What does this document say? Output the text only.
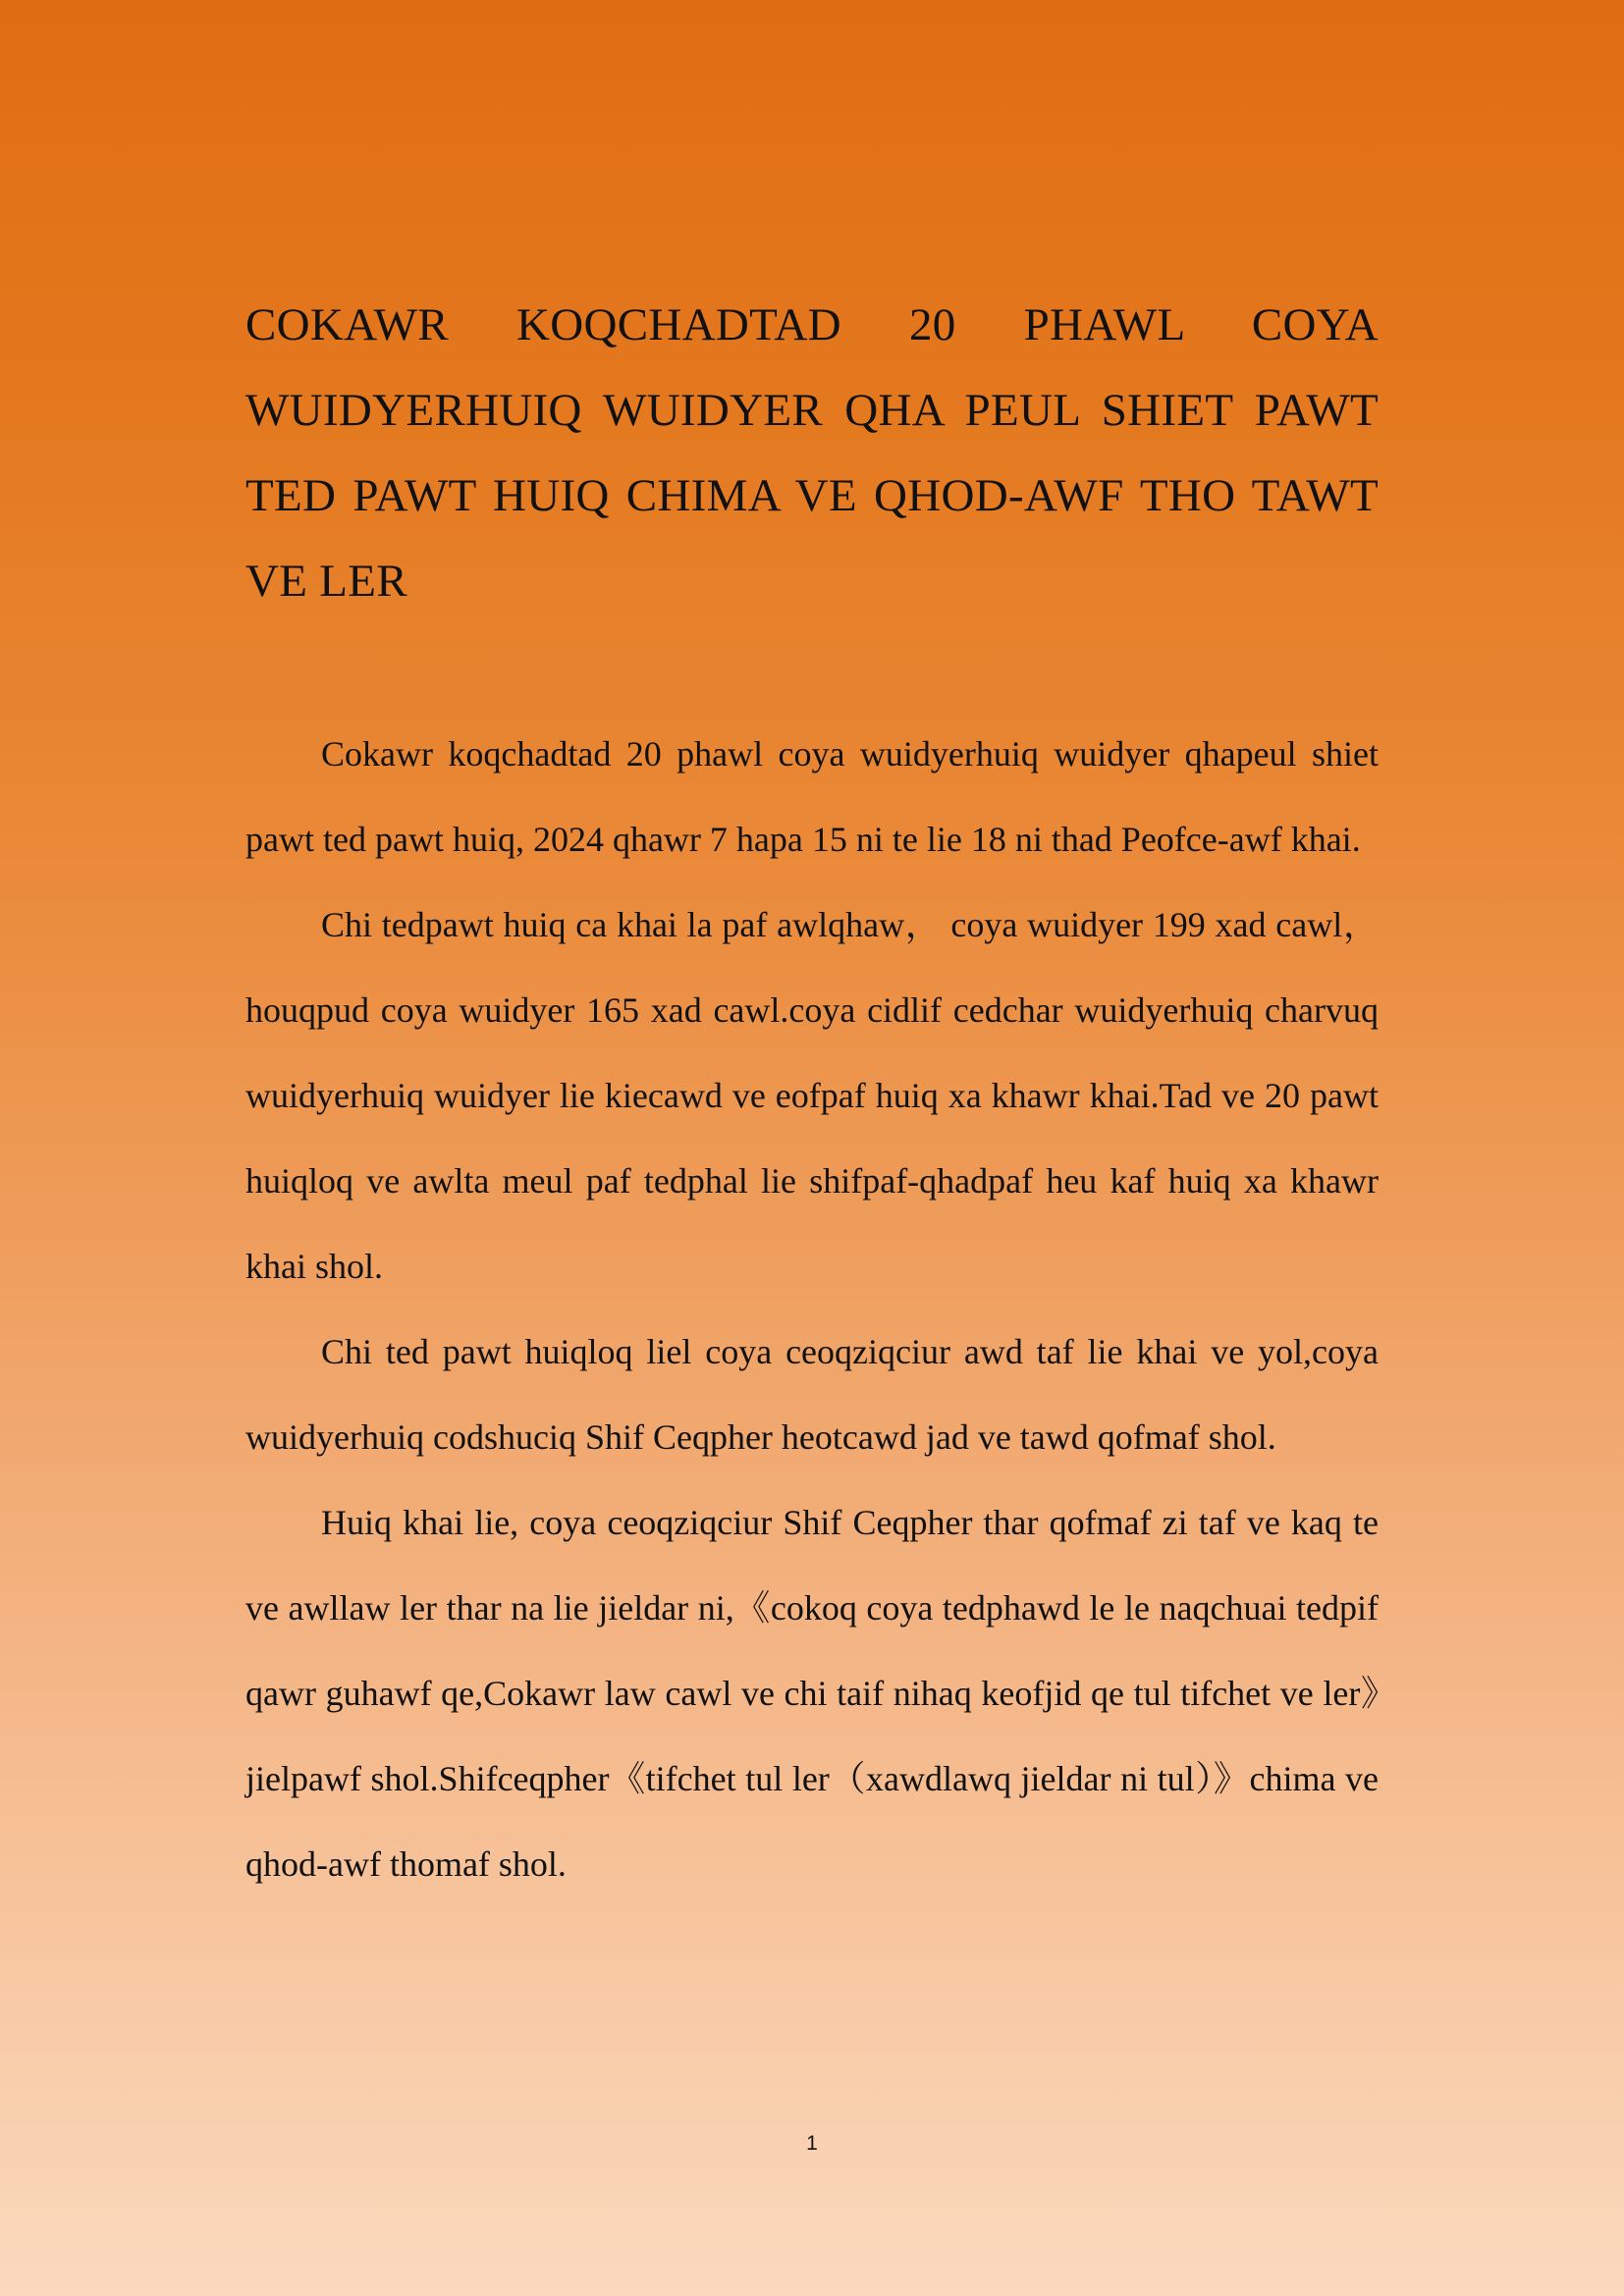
COKAWR KOQCHADTAD 20 PHAWL COYA WUIDYERHUIQ WUIDYER QHA PEUL SHIET PAWT TED PAWT HUIQ CHIMA VE QHOD-AWF THO TAWT VE LER

Cokawr koqchadtad 20 phawl coya wuidyerhuiq wuidyer qhapeul shiet pawt ted pawt huiq, 2024 qhawr 7 hapa 15 ni te lie 18 ni thad Peofce-awf khai.

Chi tedpawt huiq ca khai la paf awlqhaw， coya wuidyer 199 xad cawl， houqpud coya wuidyer 165 xad cawl.coya cidlif cedchar wuidyerhuiq charvuq wuidyerhuiq wuidyer lie kiecawd ve eofpaf huiq xa khawr khai.Tad ve 20 pawt huiqloq ve awlta meul paf tedphal lie shifpaf-qhadpaf heu kaf huiq xa khawr khai shol.

Chi ted pawt huiqloq liel coya ceoqziqciur awd taf lie khai ve yol,coya wuidyerhuiq codshuciq Shif Ceqpher heotcawd jad ve tawd qofmaf shol.

Huiq khai lie, coya ceoqziqciur Shif Ceqpher thar qofmaf zi taf ve kaq te ve awllaw ler thar na lie jieldar ni,《cokoq coya tedphawd le le naqchuai tedpif qawr guhawf qe,Cokawr law cawl ve chi taif nihaq keofjid qe tul tifchet ve ler》jielpawf shol.Shifceqpher《tifchet tul ler（xawdlawq jieldar ni tul）》chima ve qhod-awf thomaf shol.

1
